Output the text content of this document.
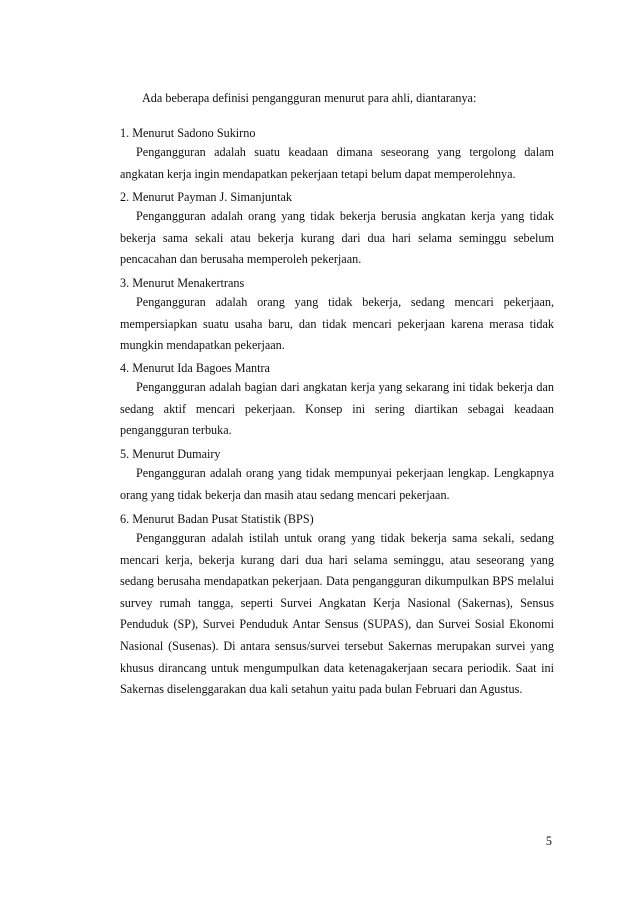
Ada beberapa definisi pengangguran menurut para ahli, diantaranya:

1. Menurut Sadono Sukirno
Pengangguran adalah suatu keadaan dimana seseorang yang tergolong dalam angkatan kerja ingin mendapatkan pekerjaan tetapi belum dapat memperolehnya.
2. Menurut Payman J. Simanjuntak
Pengangguran adalah orang yang tidak bekerja berusia angkatan kerja yang tidak bekerja sama sekali atau bekerja kurang dari dua hari selama seminggu sebelum pencacahan dan berusaha memperoleh pekerjaan.
3. Menurut Menakertrans
Pengangguran adalah orang yang tidak bekerja, sedang mencari pekerjaan, mempersiapkan suatu usaha baru, dan tidak mencari pekerjaan karena merasa tidak mungkin mendapatkan pekerjaan.
4. Menurut Ida Bagoes Mantra
Pengangguran adalah bagian dari angkatan kerja yang sekarang ini tidak bekerja dan sedang aktif mencari pekerjaan. Konsep ini sering diartikan sebagai keadaan pengangguran terbuka.
5. Menurut Dumairy
Pengangguran adalah orang yang tidak mempunyai pekerjaan lengkap. Lengkapnya orang yang tidak bekerja dan masih atau sedang mencari pekerjaan.
6. Menurut Badan Pusat Statistik (BPS)
Pengangguran adalah istilah untuk orang yang tidak bekerja sama sekali, sedang mencari kerja, bekerja kurang dari dua hari selama seminggu, atau seseorang yang sedang berusaha mendapatkan pekerjaan. Data pengangguran dikumpulkan BPS melalui survey rumah tangga, seperti Survei Angkatan Kerja Nasional (Sakernas), Sensus Penduduk (SP), Survei Penduduk Antar Sensus (SUPAS), dan Survei Sosial Ekonomi Nasional (Susenas). Di antara sensus/survei tersebut Sakernas merupakan survei yang khusus dirancang untuk mengumpulkan data ketenagakerjaan secara periodik. Saat ini Sakernas diselenggarakan dua kali setahun yaitu pada bulan Februari dan Agustus.
5
